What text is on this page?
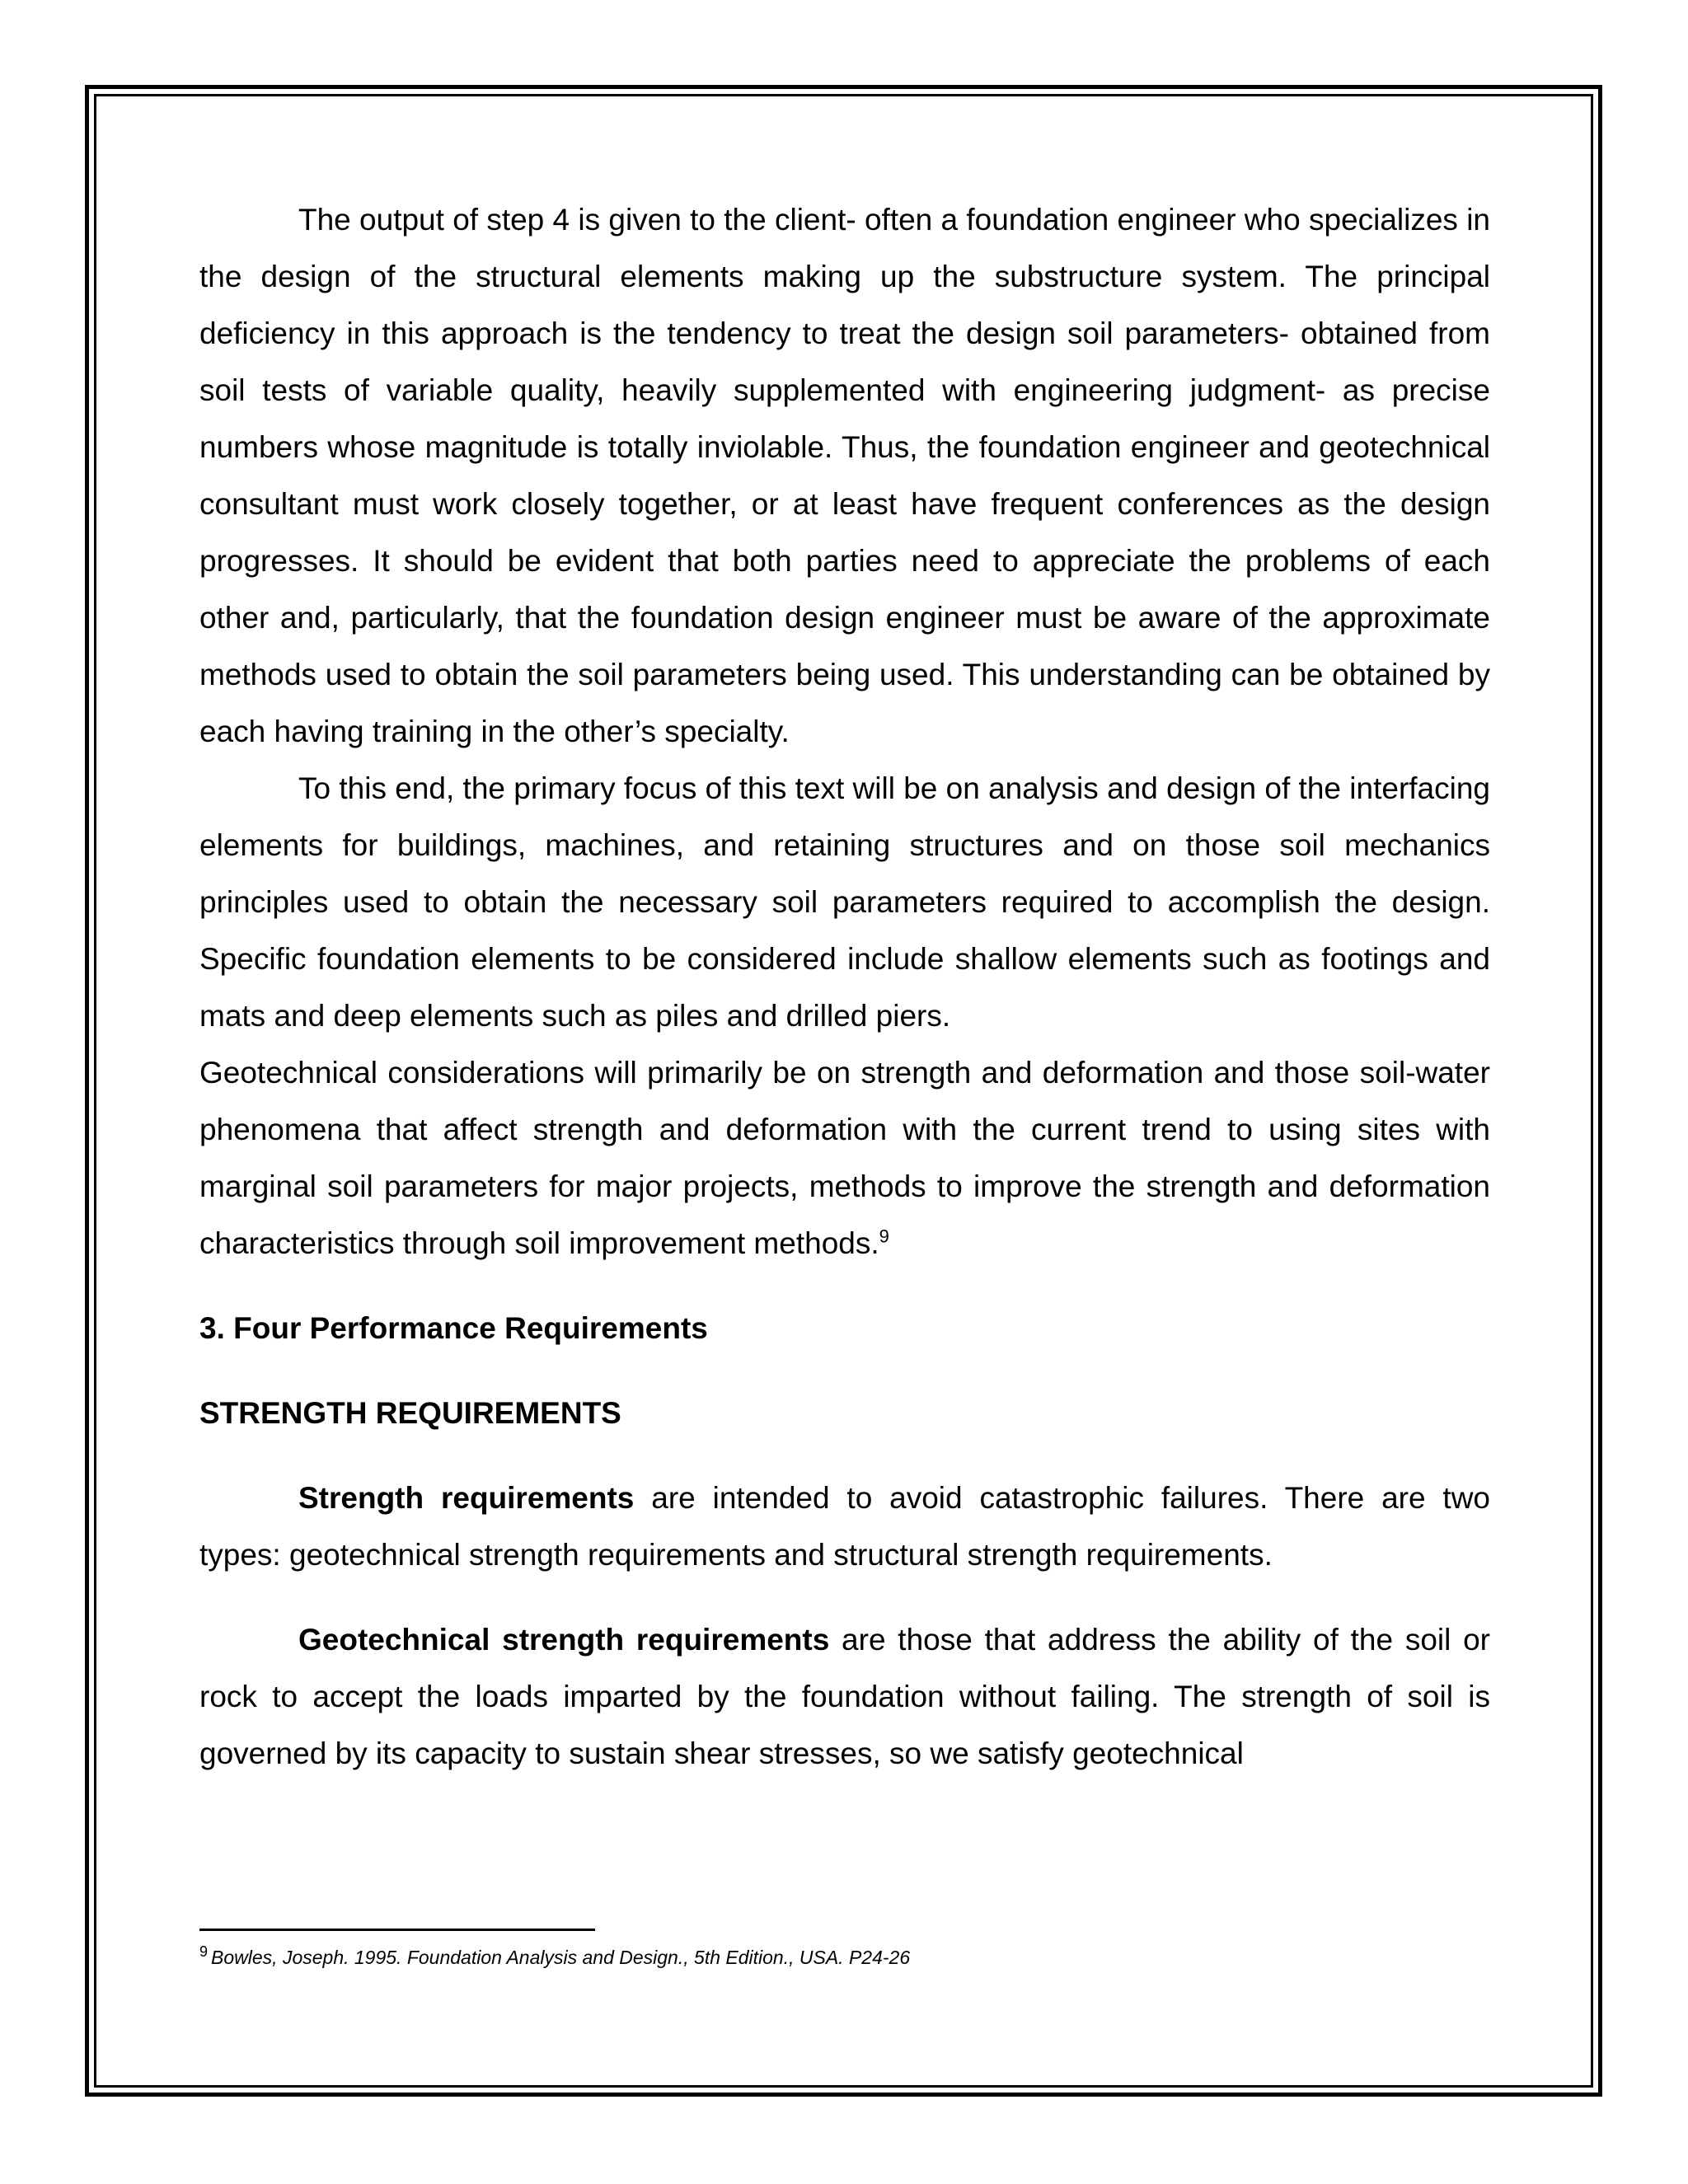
The output of step 4 is given to the client- often a foundation engineer who specializes in the design of the structural elements making up the substructure system. The principal deficiency in this approach is the tendency to treat the design soil parameters- obtained from soil tests of variable quality, heavily supplemented with engineering judgment- as precise numbers whose magnitude is totally inviolable. Thus, the foundation engineer and geotechnical consultant must work closely together, or at least have frequent conferences as the design progresses. It should be evident that both parties need to appreciate the problems of each other and, particularly, that the foundation design engineer must be aware of the approximate methods used to obtain the soil parameters being used. This understanding can be obtained by each having training in the other’s specialty.

To this end, the primary focus of this text will be on analysis and design of the interfacing elements for buildings, machines, and retaining structures and on those soil mechanics principles used to obtain the necessary soil parameters required to accomplish the design. Specific foundation elements to be considered include shallow elements such as footings and mats and deep elements such as piles and drilled piers.

Geotechnical considerations will primarily be on strength and deformation and those soil-water phenomena that affect strength and deformation with the current trend to using sites with marginal soil parameters for major projects, methods to improve the strength and deformation characteristics through soil improvement methods.$^9$

3. Four Performance Requirements

STRENGTH REQUIREMENTS

Strength requirements are intended to avoid catastrophic failures. There are two types: geotechnical strength requirements and structural strength requirements.

Geotechnical strength requirements are those that address the ability of the soil or rock to accept the loads imparted by the foundation without failing. The strength of soil is governed by its capacity to sustain shear stresses, so we satisfy geotechnical

$^9$ Bowles, Joseph. 1995. Foundation Analysis and Design., 5th Edition., USA. P24-26
